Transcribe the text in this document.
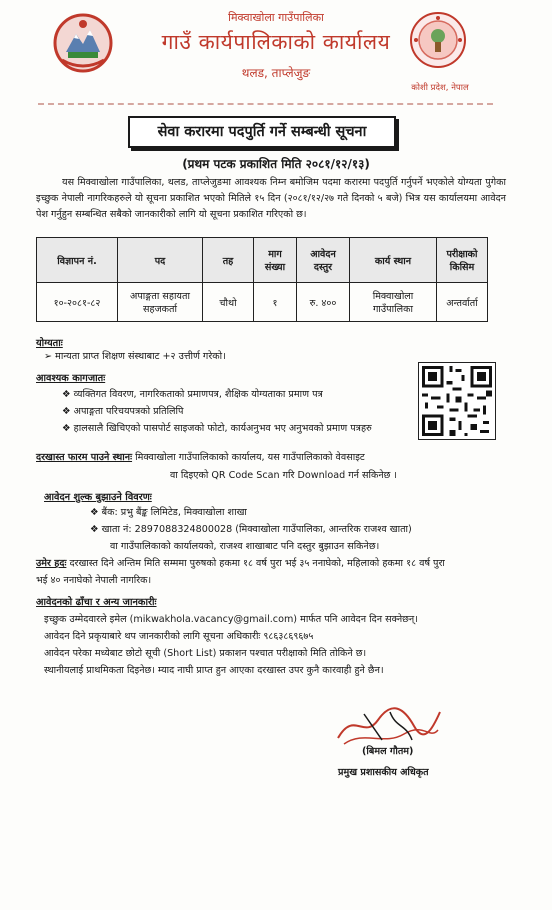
मिक्वाखोला गाउँपालिका
गाउँ कार्यपालिकाको कार्यालय
थलड, ताप्लेजुङ
कोशी प्रदेश, नेपाल
सेवा करारमा पदपुर्ति गर्ने सम्बन्धी सूचना
(प्रथम पटक प्रकाशित मिति २०८१/१२/१३)
यस मिक्वाखोला गाउँपालिका, थलड, ताप्लेजुङमा आवश्यक निम्न बमोजिम पदमा करारमा पदपुर्ति गर्नुपर्ने भएकोले योग्यता पुगेका इच्छुक नेपाली नागरिकहरुले यो सूचना प्रकाशित भएको मितिले १५ दिन (२०८१/१२/२७ गते दिनको ५ बजे) भित्र यस कार्यालयमा आवेदन पेश गर्नुहुन सम्बन्धित सबैको जानकारीको लागि यो सूचना प्रकाशित गरिएको छ।
विज्ञापन नं.	पद	तह	माग संख्या	आवेदन दस्तुर	कार्य स्थान	परीक्षाको किसिम
१०-२०८१-८२	अपाङ्गता सहायता सहजकर्ता	चौथो	१	रु. ४००	मिक्वाखोला गाउँपालिका	अन्तर्वार्ता
योग्यताः
➢ मान्यता प्राप्त शिक्षण संस्थाबाट +२ उत्तीर्ण गरेको।
आवश्यक कागजातः
❖ व्यक्तिगत विवरण, नागरिकताको प्रमाणपत्र, शैक्षिक योग्यताका प्रमाण पत्र
❖ अपाङ्गता परिचयपत्रको प्रतिलिपि
❖ हालसालै खिचिएको पासपोर्ट साइजको फोटो, कार्यअनुभव भए अनुभवको प्रमाण पत्रहरु
दरखास्त फारम पाउने स्थानः मिक्वाखोला गाउँपालिकाको कार्यालय, यस गाउँपालिकाको वेवसाइट
वा दिइएको QR Code Scan गरि Download गर्न सकिनेछ ।
आवेदन शुल्क बुझाउने विवरणः
❖ बैंक: प्रभु बैंङ्क लिमिटेड, मिक्वाखोला शाखा
❖ खाता नं: 2897088324800028 (मिक्वाखोला गाउँपालिका, आन्तरिक राजश्व खाता)
वा गाउँपालिकाको कार्यालयको, राजश्व शाखाबाट पनि दस्तुर बुझाउन सकिनेछ।
उमेर हदः दरखास्त दिने अन्तिम मिति सम्ममा पुरुषको हकमा १८ वर्ष पुरा भई ३५ ननाघेको, महिलाको हकमा १८ वर्ष पुरा
भई ४० ननाघेको नेपाली नागरिक।
आवेदनको ढाँचा र अन्य जानकारीः
इच्छुक उम्मेदवारले इमेल (mikwakhola.vacancy@gmail.com) मार्फत पनि आवेदन दिन सक्नेछन्।
आवेदन दिने प्रकृयाबारे थप जानकारीको लागि सूचना अधिकारीः ९८६३८६९६७५
आवेदन परेका मध्येबाट छोटो सूची (Short List) प्रकाशन पश्चात परीक्षाको मिति तोकिने छ।
स्थानीयलाई प्राथमिकता दिइनेछ। म्याद नाघी प्राप्त हुन आएका दरखास्त उपर कुनै कारवाही हुने छैन।
(बिमल गौतम)
प्रमुख प्रशासकीय अधिकृत
